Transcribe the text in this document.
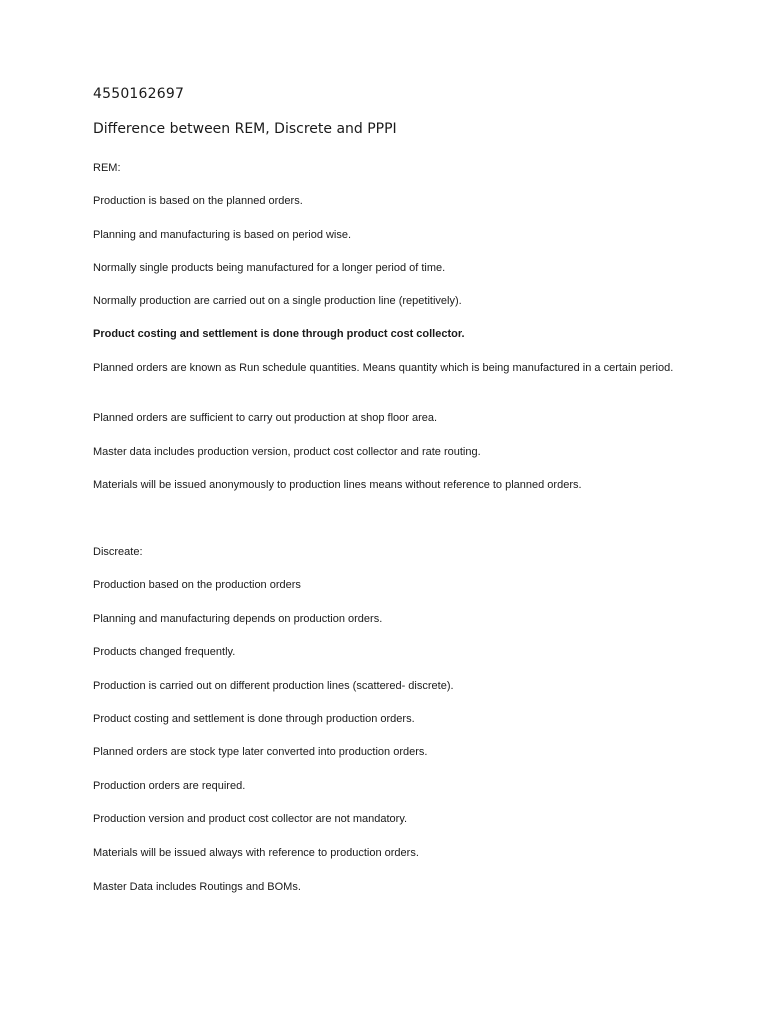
4550162697
Difference between REM, Discrete and PPPI
REM:
Production is based on the planned orders.
Planning and manufacturing is based on period wise.
Normally single products being manufactured for a longer period of time.
Normally production are carried out on a single production line (repetitively).
Product costing and settlement is done through product cost collector.
Planned orders are known as Run schedule quantities. Means quantity which is being manufactured in a certain period.
Planned orders are sufficient to carry out production at shop floor area.
Master data includes production version, product cost collector and rate routing.
Materials will be issued anonymously to production lines means without reference to planned orders.
Discreate:
Production based on the production orders
Planning and manufacturing depends on production orders.
Products changed frequently.
Production is carried out on different production lines (scattered- discrete).
Product costing and settlement is done through production orders.
Planned orders are stock type later converted into production orders.
Production orders are required.
Production version and product cost collector are not mandatory.
Materials will be issued always with reference to production orders.
Master Data includes Routings and BOMs.
